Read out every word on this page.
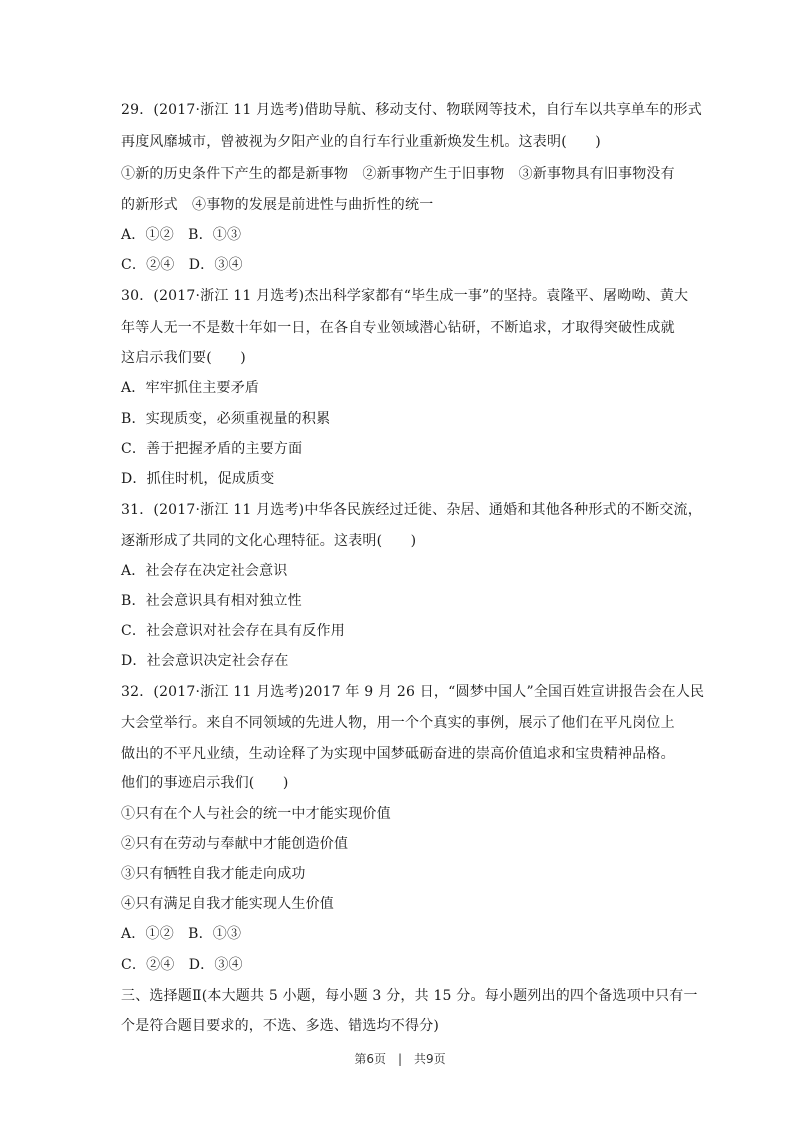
29．(2017·浙江 11 月选考)借助导航、移动支付、物联网等技术，自行车以共享单车的形式
再度风靡城市，曾被视为夕阳产业的自行车行业重新焕发生机。这表明(　　)
①新的历史条件下产生的都是新事物　②新事物产生于旧事物　③新事物具有旧事物没有
的新形式　④事物的发展是前进性与曲折性的统一
A．①②　B．①③
C．②④　D．③④
30．(2017·浙江 11 月选考)杰出科学家都有“毕生成一事”的坚持。袁隆平、屠呦呦、黄大
年等人无一不是数十年如一日，在各自专业领域潜心钻研，不断追求，才取得突破性成就
这启示我们要(　　)
A．牢牢抓住主要矛盾
B．实现质变，必须重视量的积累
C．善于把握矛盾的主要方面
D．抓住时机，促成质变
31．(2017·浙江 11 月选考)中华各民族经过迁徙、杂居、通婚和其他各种形式的不断交流，
逐渐形成了共同的文化心理特征。这表明(　　)
A．社会存在决定社会意识
B．社会意识具有相对独立性
C．社会意识对社会存在具有反作用
D．社会意识决定社会存在
32．(2017·浙江 11 月选考)2017 年 9 月 26 日，“圆梦中国人”全国百姓宣讲报告会在人民
大会堂举行。来自不同领域的先进人物，用一个个真实的事例，展示了他们在平凡岗位上
做出的不平凡业绩，生动诠释了为实现中国梦砥砺奋进的崇高价值追求和宝贵精神品格。
他们的事迹启示我们(　　)
①只有在个人与社会的统一中才能实现价值
②只有在劳动与奉献中才能创造价值
③只有牺牲自我才能走向成功
④只有满足自我才能实现人生价值
A．①②　B．①③
C．②④　D．③④
三、选择题Ⅱ(本大题共 5 小题，每小题 3 分，共 15 分。每小题列出的四个备选项中只有一
个是符合题目要求的，不选、多选、错选均不得分)
第6页 | 共9页
